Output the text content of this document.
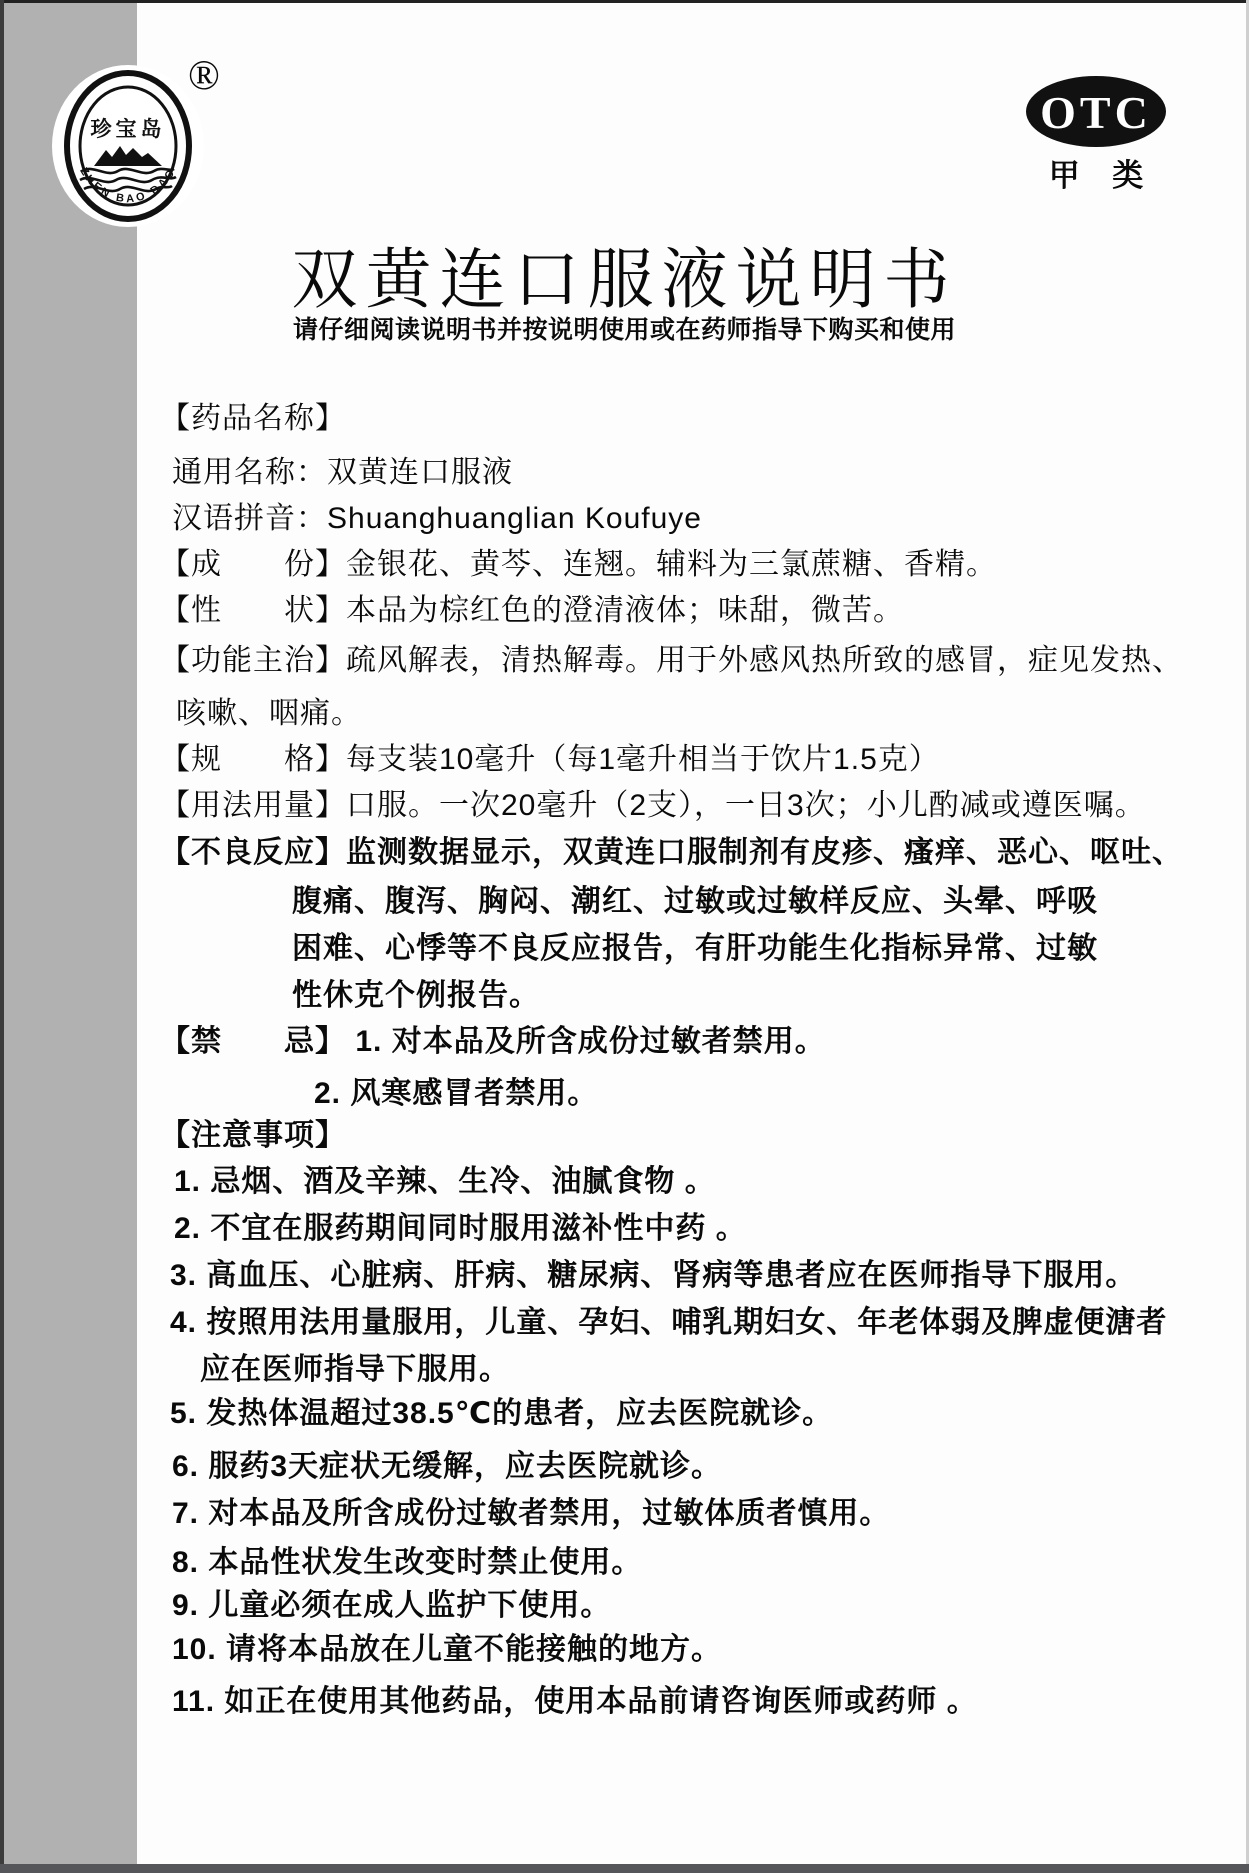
珍宝岛
ZHEN BAO DAO
®
OTC
甲 类
双黄连口服液说明书
请仔细阅读说明书并按说明使用或在药师指导下购买和使用
【药品名称】
通用名称：双黄连口服液
汉语拼音：Shuanghuanglian Koufuye
【成　　份】金银花、黄芩、连翘。辅料为三氯蔗糖、香精。
【性　　状】本品为棕红色的澄清液体；味甜，微苦。
【功能主治】疏风解表，清热解毒。用于外感风热所致的感冒，症见发热、
咳嗽、咽痛。
【规　　格】每支装10毫升（每1毫升相当于饮片1.5克）
【用法用量】口服。一次20毫升（2支），一日3次；小儿酌减或遵医嘱。
【不良反应】监测数据显示，双黄连口服制剂有皮疹、瘙痒、恶心、呕吐、
腹痛、腹泻、胸闷、潮红、过敏或过敏样反应、头晕、呼吸
困难、心悸等不良反应报告，有肝功能生化指标异常、过敏
性休克个例报告。
【禁　　忌】 1. 对本品及所含成份过敏者禁用。
2. 风寒感冒者禁用。
【注意事项】
1. 忌烟、酒及辛辣、生冷、油腻食物 。
2. 不宜在服药期间同时服用滋补性中药 。
3. 高血压、心脏病、肝病、糖尿病、肾病等患者应在医师指导下服用。
4. 按照用法用量服用，儿童、孕妇、哺乳期妇女、年老体弱及脾虚便溏者
应在医师指导下服用。
5. 发热体温超过38.5℃的患者，应去医院就诊。
6. 服药3天症状无缓解，应去医院就诊。
7. 对本品及所含成份过敏者禁用，过敏体质者慎用。
8. 本品性状发生改变时禁止使用。
9. 儿童必须在成人监护下使用。
10. 请将本品放在儿童不能接触的地方。
11. 如正在使用其他药品，使用本品前请咨询医师或药师 。
